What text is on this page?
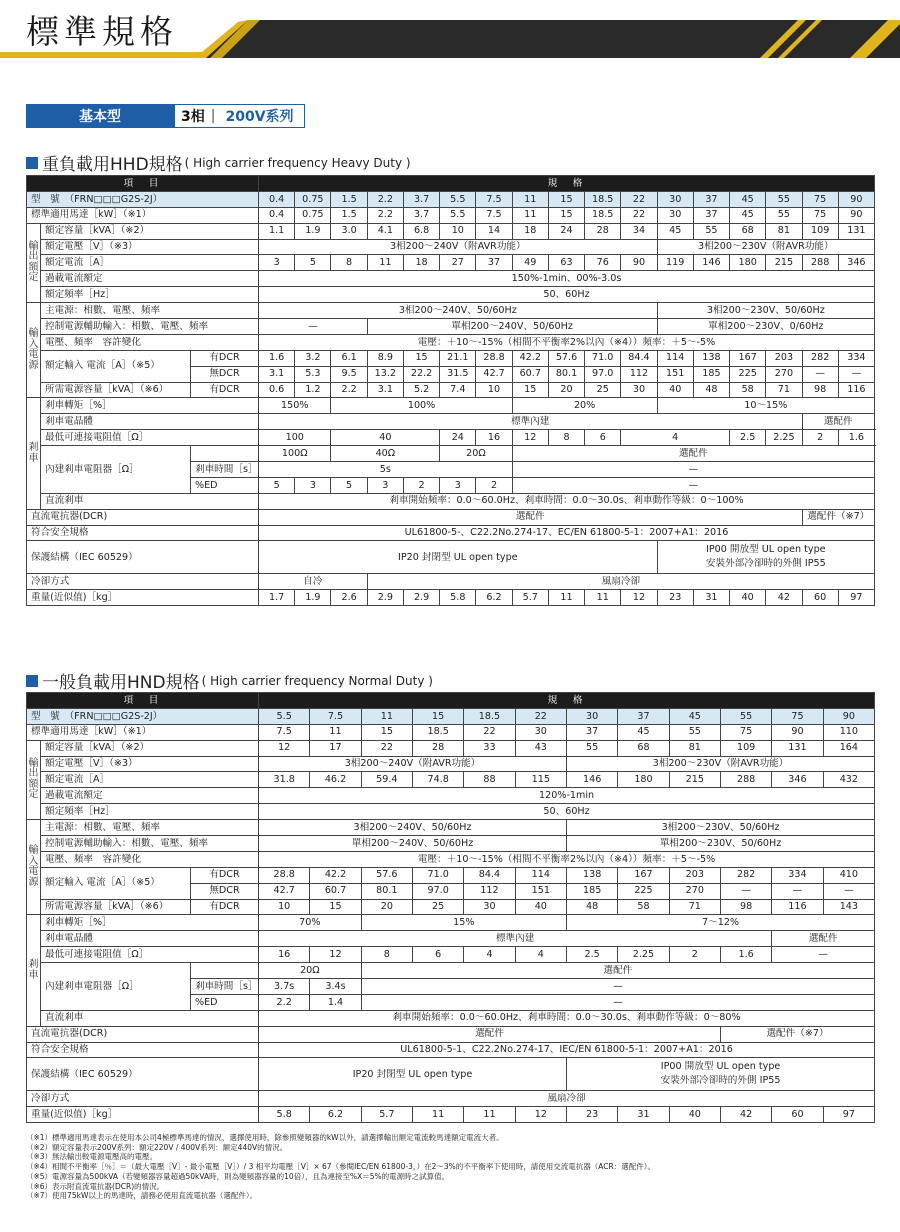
標準規格
基本型	3相 | 200V系列
重負載用HHD規格 ( High carrier frequency Heavy Duty )
項　目			規　格																	
型　號　（FRN□□□G2S-2J）			0.4	0.75	1.5	2.2	3.7	5.5	7.5	11	15	18.5	22	30	37	45	55	75	90	
標準適用馬達［kW］（※1）			0.4	0.75	1.5	2.2	3.7	5.5	7.5	11	15	18.5	22	30	37	45	55	75	90	
輸出額定	額定容量［kVA］（※2）		1.1	1.9	3.0	4.1	6.8	10	14	18	24	28	34	45	55	68	81	109	131	
	額定電壓［V］（※3）		3相200～240V（附AVR功能）											3相200～230V（附AVR功能）						
	額定電流［A］		3	5	8	11	18	27	37	49	63	76	90	119	146	180	215	288	346	
	過載電流額定		150%-1min、00%-3.0s																	
	額定頻率［Hz］		50、60Hz																	
輸入電源	主電源：相數、電壓、頻率		3相200～240V、50/60Hz											3相200～230V、50/60Hz						
	控制電源輔助輸入：相數、電壓、頻率		—			單相200～240V、50/60Hz								單相200～230V、0/60Hz						
	電壓、頻率　容許變化		電壓：＋10～-15%（相間不平衡率2%以內（※4））頻率：＋5～-5%																	
	額定輸入 電流［A］（※5）	有DCR	1.6	3.2	6.1	8.9	15	21.1	28.8	42.2	57.6	71.0	84.4	114	138	167	203	282	334	
		無DCR	3.1	5.3	9.5	13.2	22.2	31.5	42.7	60.7	80.1	97.0	112	151	185	225	270	—	—	
	所需電源容量［kVA］（※6）	有DCR	0.6	1.2	2.2	3.1	5.2	7.4	10	15	20	25	30	40	48	58	71	98	116	
剎車	剎車轉矩［%］		150%		100%					20%				10～15%						
	剎車電晶體		標準內建															選配件		
	最低可連接電阻值［Ω］		100		40			24	16	12	8	6	4			2.5	2.25	2	1.6	
	內建剎車電阻器［Ω］		100Ω		40Ω			20Ω		選配件										
		剎車時間［s］	5s							—										
		%ED	5	3	5	3	2	3	2	—										
	直流剎車		剎車開始頻率：0.0～60.0Hz、剎車時間：0.0～30.0s、剎車動作等級：0～100%																	
直流電抗器(DCR)			選配件															選配件（※7）		
符合安全規格			UL61800-5-、C22.2No.274-17、EC/EN 61800-5-1：2007+A1：2016																	
保護結構（IEC 60529）			IP20 封閉型 UL open type											IP00 開放型 UL open type
安裝外部冷卻時的外側 IP55						

冷卻方式			自冷			風扇冷卻														
重量(近似值)［kg］			1.7	1.9	2.6	2.9	2.9	5.8	6.2	5.7	11	11	12	23	31	40	42	60	97	
一般負載用HND規格 ( High carrier frequency Normal Duty )
項　目			規　格											
型　號　（FRN□□□G2S-2J）			5.5	7.5	11	15	18.5	22	30	37	45	55	75	90
標準適用馬達［kW］（※1）			7.5	11	15	18.5	22	30	37	45	55	75	90	110
輸出額定	額定容量［kVA］（※2）		12	17	22	28	33	43	55	68	81	109	131	164
	額定電壓［V］（※3）		3相200～240V（附AVR功能）						3相200～230V（附AVR功能）					
	額定電流［A］		31.8	46.2	59.4	74.8	88	115	146	180	215	288	346	432
	過載電流額定		120%-1min											
	額定頻率［Hz］		50、60Hz											
輸入電源	主電源：相數、電壓、頻率		3相200～240V、50/60Hz						3相200～230V、50/60Hz					
	控制電源輔助輸入：相數、電壓、頻率		單相200～240V、50/60Hz						單相200～230V、50/60Hz					
	電壓、頻率　容許變化		電壓：＋10～-15%（相間不平衡率2%以內（※4））頻率：＋5～-5%											
	額定輸入 電流［A］（※5）	有DCR	28.8	42.2	57.6	71.0	84.4	114	138	167	203	282	334	410
		無DCR	42.7	60.7	80.1	97.0	112	151	185	225	270	—	—	—
	所需電源容量［kVA］（※6）	有DCR	10	15	20	25	30	40	48	58	71	98	116	143
剎車	剎車轉矩［%］		70%		15%				7～12%					
	剎車電晶體		標準內建										選配件	
	最低可連接電阻值［Ω］		16	12	8	6	4	4	2.5	2.25	2	1.6	—	
	內建剎車電阻器［Ω］		20Ω		選配件									
		剎車時間［s］	3.7s	3.4s	—									
		%ED	2.2	1.4	—									
	直流剎車		剎車開始頻率：0.0～60.0Hz、剎車時間：0.0～30.0s、剎車動作等級：0～80%											
直流電抗器(DCR)			選配件									選配件（※7）		
符合安全規格			UL61800-5-1、C22.2No.274-17、IEC/EN 61800-5-1：2007+A1：2016											
保護結構（IEC 60529）			IP20 封閉型 UL open type						IP00 開放型 UL open type
安裝外部冷卻時的外側 IP55					

冷卻方式			風扇冷卻											
重量(近似值)［kg］			5.8	6.2	5.7	11	11	12	23	31	40	42	60	97
（※1）標準適用馬達表示在使用本公司4極標準馬達的情況，選擇使用時，除參照變頻器的kW以外，請選擇輸出額定電流較馬達額定電流大者。
（※2）額定容量表示200V系列：額定220V / 400V系列：額定440V的情況。
（※3）無法輸出較電源電壓高的電壓。
（※4）相間不平衡率［％］＝（最大電壓［V］- 最小電壓［V］）/ 3 相平均電壓［V］× 67（參閱IEC/EN 61800-3，）在2～3%的不平衡率下使用時，請使用交流電抗器（ACR：選配件）。
（※5）電源容量為500kVA（若變頻器容量超過50kVA時，則為變頻器容量的10倍），且為連接至%X＝5%的電源時之試算值。
（※6）表示附直流電抗器(DCR)的情況。
（※7）使用75kW以上的馬達時，請務必使用直流電抗器（選配件）。
